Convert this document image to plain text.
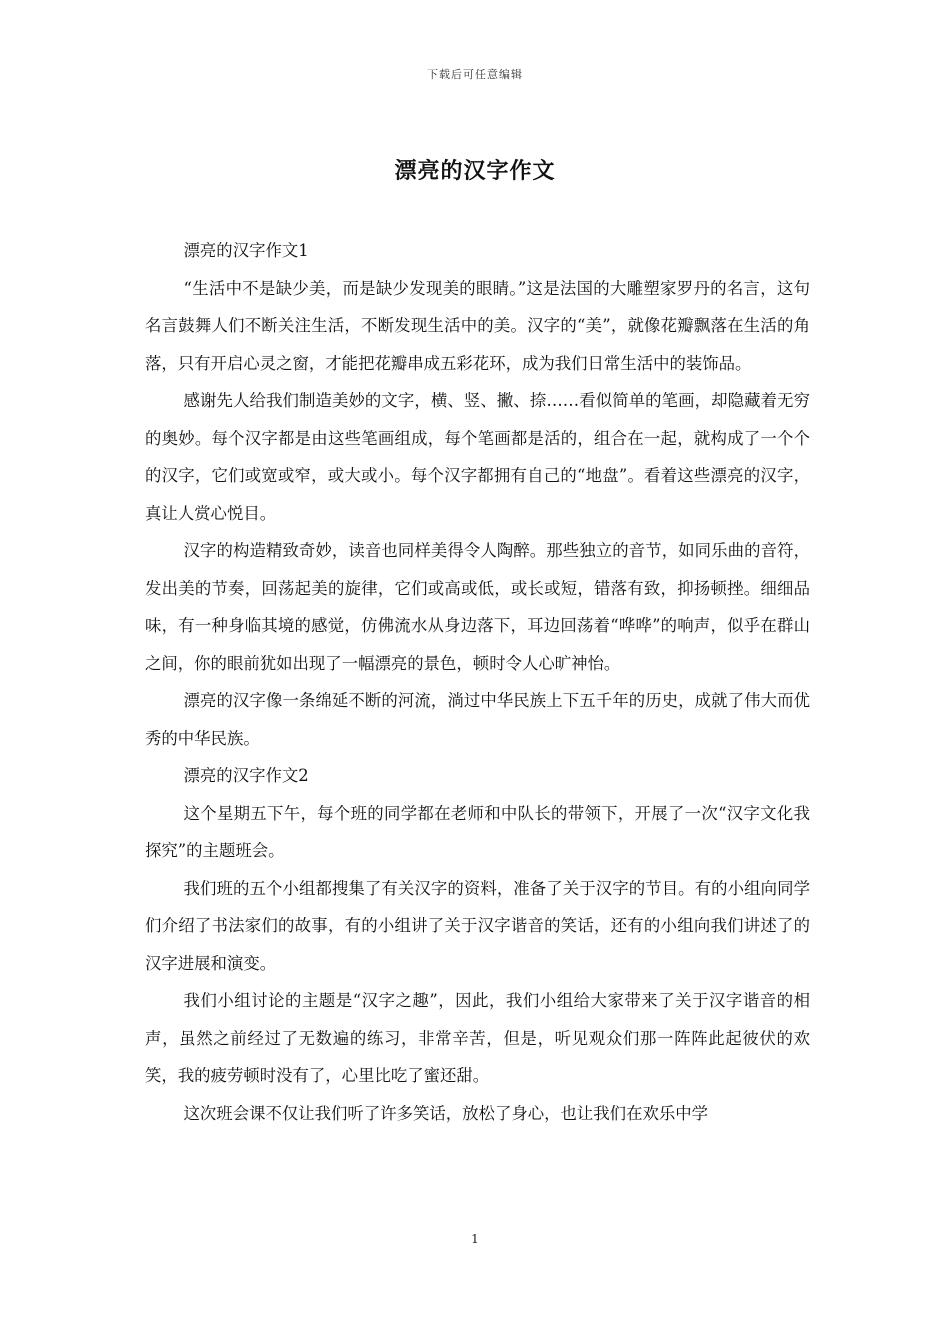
下载后可任意编辑
漂亮的汉字作文

漂亮的汉字作文1

“生活中不是缺少美，而是缺少发现美的眼睛。”这是法国的大雕塑家罗丹的名言，这句名言鼓舞人们不断关注生活，不断发现生活中的美。汉字的“美”，就像花瓣飘落在生活的角落，只有开启心灵之窗，才能把花瓣串成五彩花环，成为我们日常生活中的装饰品。

感谢先人给我们制造美妙的文字，横、竖、撇、捺……看似简单的笔画，却隐藏着无穷的奥妙。每个汉字都是由这些笔画组成，每个笔画都是活的，组合在一起，就构成了一个个的汉字，它们或宽或窄，或大或小。每个汉字都拥有自己的“地盘”。看着这些漂亮的汉字，真让人赏心悦目。

汉字的构造精致奇妙，读音也同样美得令人陶醉。那些独立的音节，如同乐曲的音符，发出美的节奏，回荡起美的旋律，它们或高或低，或长或短，错落有致，抑扬顿挫。细细品味，有一种身临其境的感觉，仿佛流水从身边落下，耳边回荡着“哗哗”的响声，似乎在群山之间，你的眼前犹如出现了一幅漂亮的景色，顿时令人心旷神怡。

漂亮的汉字像一条绵延不断的河流，淌过中华民族上下五千年的历史，成就了伟大而优秀的中华民族。

漂亮的汉字作文2

这个星期五下午，每个班的同学都在老师和中队长的带领下，开展了一次“汉字文化我探究”的主题班会。

我们班的五个小组都搜集了有关汉字的资料，准备了关于汉字的节目。有的小组向同学们介绍了书法家们的故事，有的小组讲了关于汉字谐音的笑话，还有的小组向我们讲述了的汉字进展和演变。

我们小组讨论的主题是“汉字之趣”，因此，我们小组给大家带来了关于汉字谐音的相声，虽然之前经过了无数遍的练习，非常辛苦，但是，听见观众们那一阵阵此起彼伏的欢笑，我的疲劳顿时没有了，心里比吃了蜜还甜。

这次班会课不仅让我们听了许多笑话，放松了身心，也让我们在欢乐中学

1
